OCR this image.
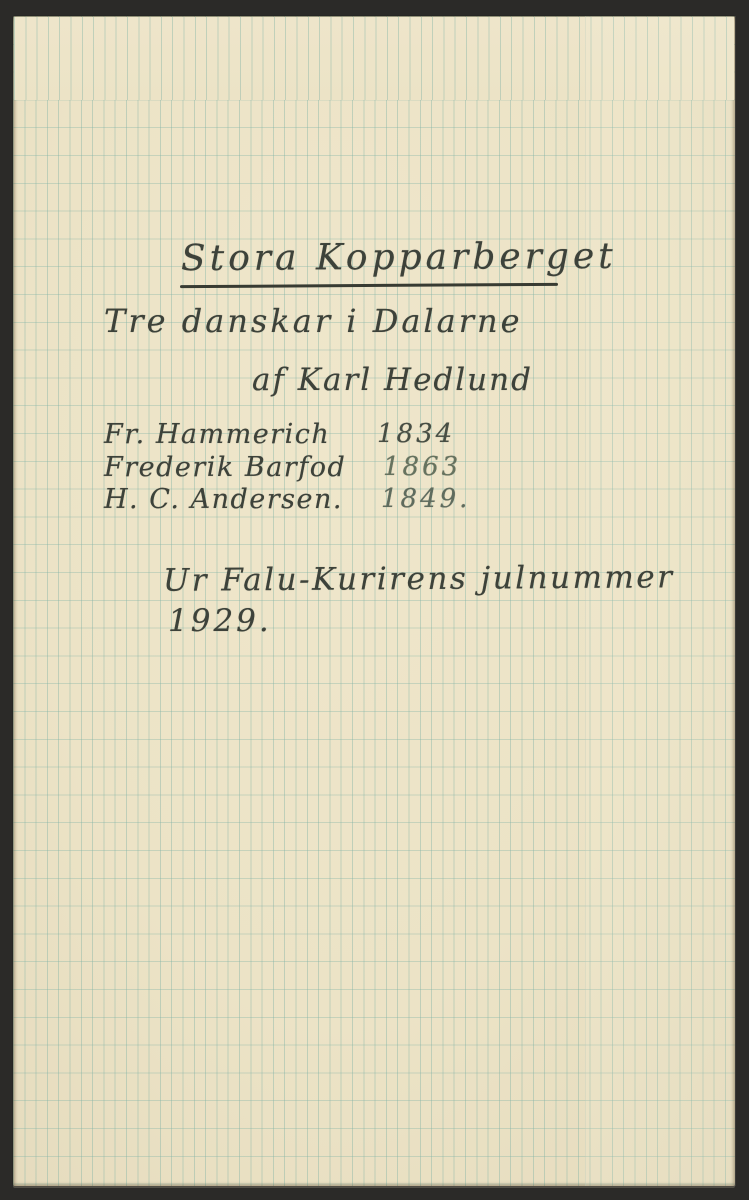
Stora Kopparberget
Tre danskar i Dalarne
af Karl Hedlund
Fr. Hammerich 1834
Frederik Barfod 1863
H. C. Andersen. 1849.
Ur Falu-Kurirens julnummer
1929.
